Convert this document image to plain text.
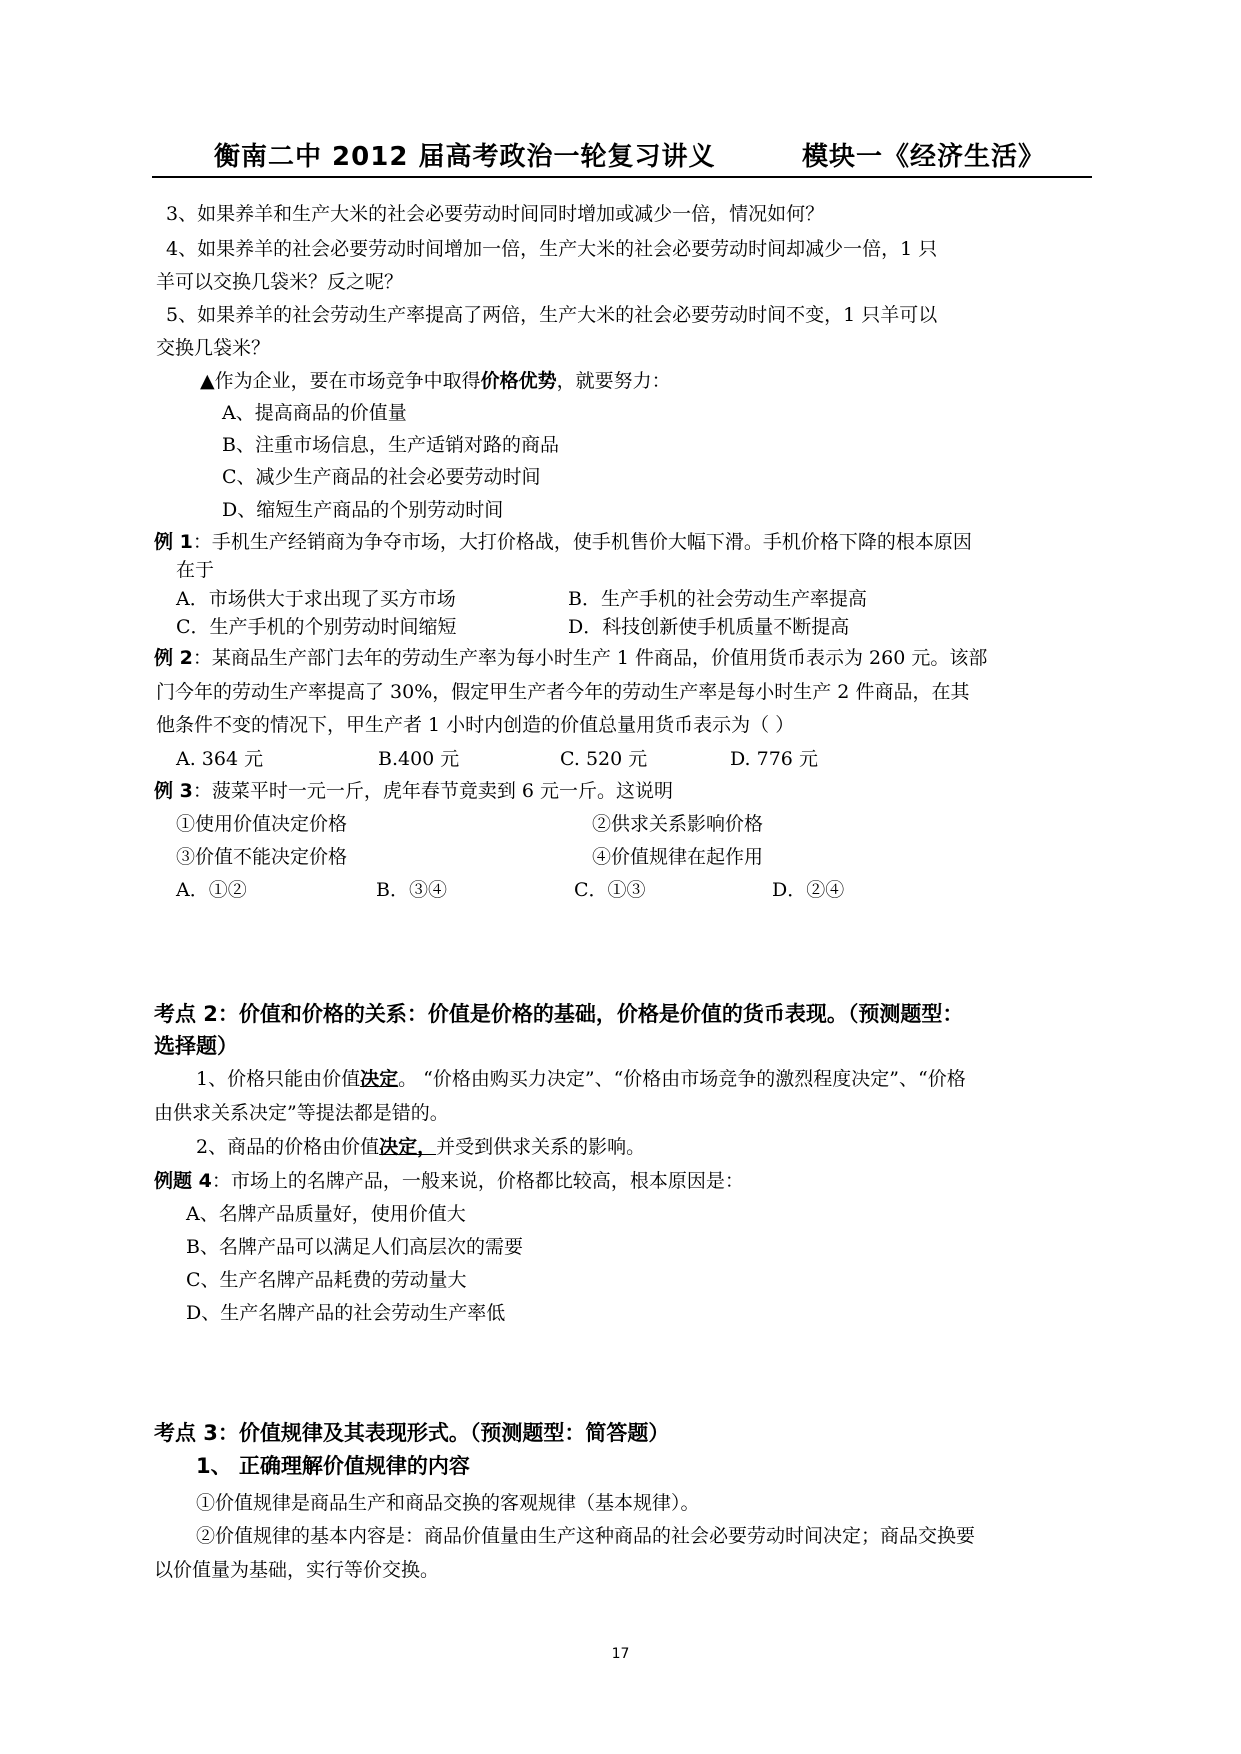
衡南二中 2012 届高考政治一轮复习讲义	模块一《经济生活》
3、如果养羊和生产大米的社会必要劳动时间同时增加或减少一倍，情况如何？
4、如果养羊的社会必要劳动时间增加一倍，生产大米的社会必要劳动时间却减少一倍，1 只
羊可以交换几袋米？反之呢？
5、如果养羊的社会劳动生产率提高了两倍，生产大米的社会必要劳动时间不变，1 只羊可以
交换几袋米？
▲作为企业，要在市场竞争中取得价格优势，就要努力：
A、提高商品的价值量
B、注重市场信息，生产适销对路的商品
C、减少生产商品的社会必要劳动时间
D、缩短生产商品的个别劳动时间
例 1：手机生产经销商为争夺市场，大打价格战，使手机售价大幅下滑。手机价格下降的根本原因
在于
A．市场供大于求出现了买方市场	B．生产手机的社会劳动生产率提高
C．生产手机的个别劳动时间缩短	D．科技创新使手机质量不断提高
例 2：某商品生产部门去年的劳动生产率为每小时生产 1 件商品，价值用货币表示为 260 元。该部
门今年的劳动生产率提高了 30%，假定甲生产者今年的劳动生产率是每小时生产 2 件商品，在其
他条件不变的情况下，甲生产者 1 小时内创造的价值总量用货币表示为（ ）
A. 364 元	B.400 元	C. 520 元	D. 776 元
例 3：菠菜平时一元一斤，虎年春节竟卖到 6 元一斤。这说明
①使用价值决定价格	②供求关系影响价格
③价值不能决定价格	④价值规律在起作用
A．①②	B．③④	C．①③	D．②④
考点 2：价值和价格的关系：价值是价格的基础，价格是价值的货币表现。（预测题型：
选择题）
1、价格只能由价值决定。 “价格由购买力决定”、“价格由市场竞争的激烈程度决定”、“价格
由供求关系决定”等提法都是错的。
2、商品的价格由价值决定，并受到供求关系的影响。
例题 4：市场上的名牌产品，一般来说，价格都比较高，根本原因是：
A、名牌产品质量好，使用价值大
B、名牌产品可以满足人们高层次的需要
C、生产名牌产品耗费的劳动量大
D、生产名牌产品的社会劳动生产率低
考点 3：价值规律及其表现形式。（预测题型：简答题）
1、 正确理解价值规律的内容
①价值规律是商品生产和商品交换的客观规律（基本规律）。
②价值规律的基本内容是：商品价值量由生产这种商品的社会必要劳动时间决定；商品交换要
以价值量为基础，实行等价交换。
17
